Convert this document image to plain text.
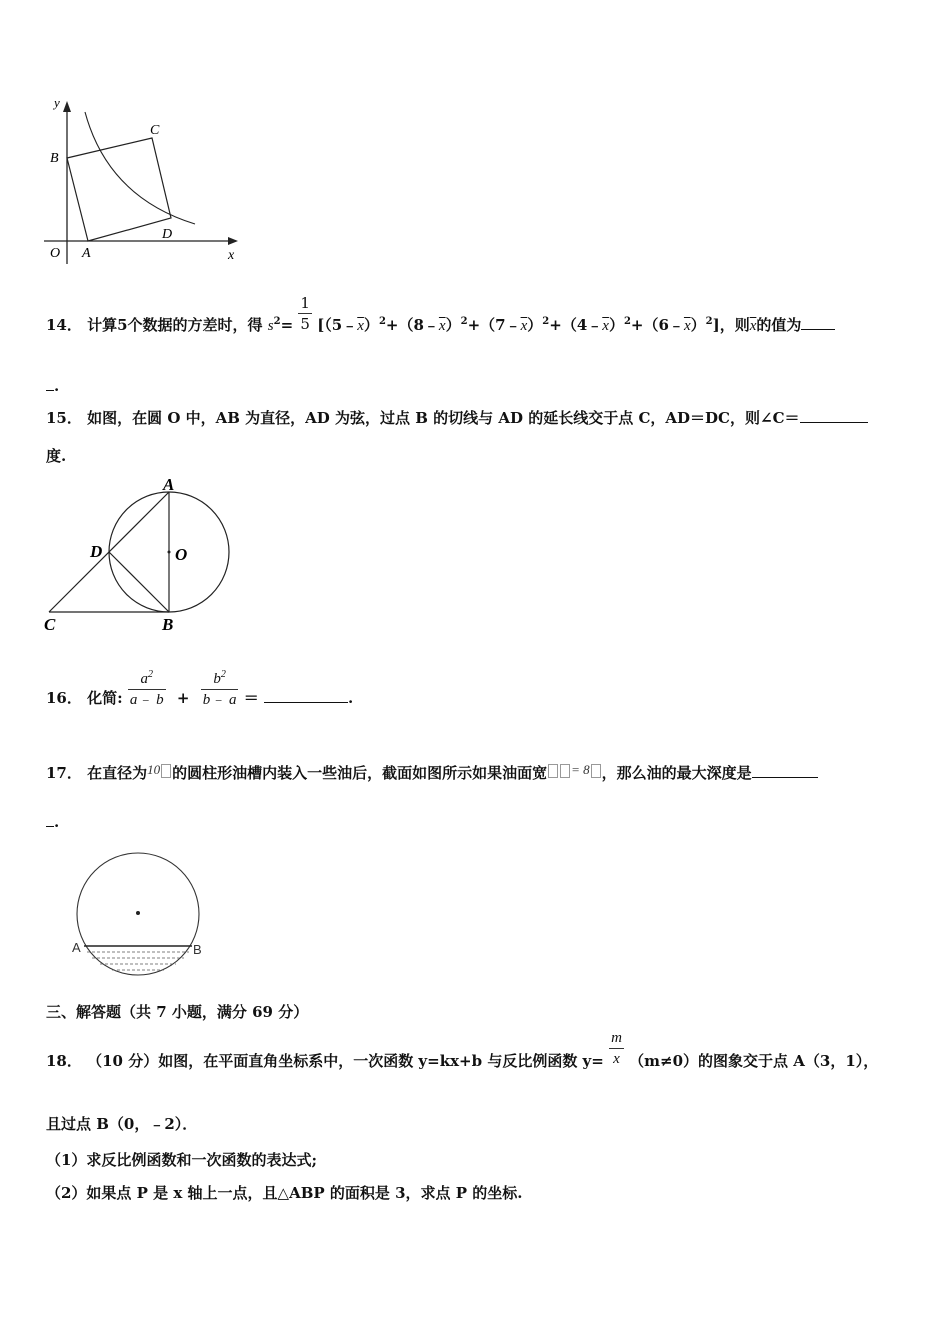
y
x
O A
B
C
D
14． 计算5个数据的方差时，得 $s^2= \frac{1}{5}$ $[(5﹣\overline{x})^2+(8﹣\overline{x})^2+(7﹣\overline{x})^2+(4﹣\overline{x})^2+(6﹣\overline{x})^2]$，则$\overline{x}$的值为
.
15． 如图，在圆 O 中，AB 为直径，AD 为弦，过点 B 的切线与 AD 的延长线交于点 C，AD＝DC，则∠C＝
度.
A
D	O
C	B
16． 化简: $\frac{a^2}{a﹣ b} + \frac{b^2}{b﹣ a}$ ＝	.
17． 在直径为10 的圆柱形油槽内装入一些油后，截面如图所示如果油面宽 = 8 ，那么油的最大深度是
.
A	B
三、解答题（共 7 小题，满分 69 分）
18． （10 分）如图，在平面直角坐标系中，一次函数 y=kx+b 与反比例函数 $y= \frac{m}{x} (m\ne 0)$的图象交于点 A（3，1），
且过点 B（0，﹣2）．
（1）求反比例函数和一次函数的表达式;
（2）如果点 P 是 x 轴上一点，且△ABP 的面积是 3，求点 P 的坐标.
